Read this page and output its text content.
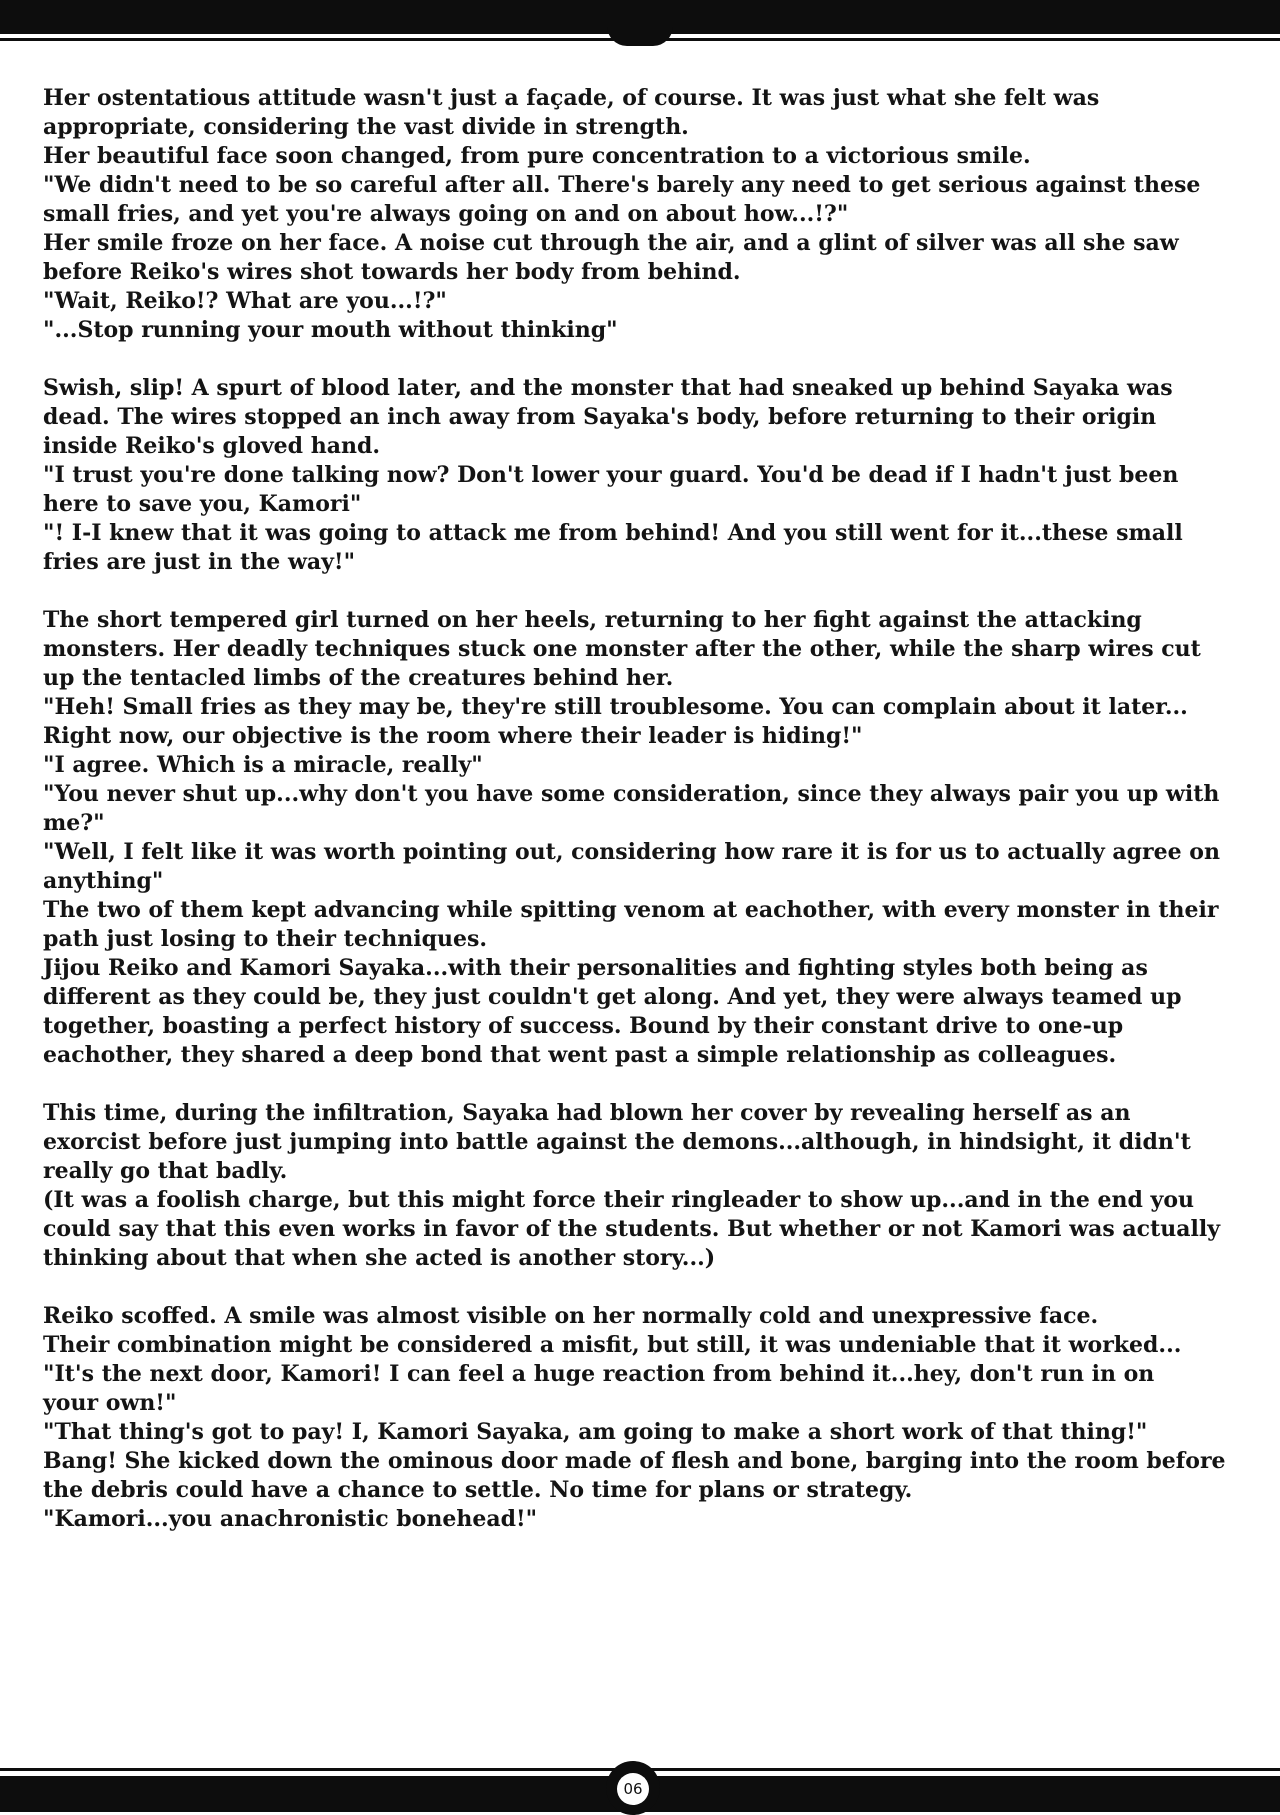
Her ostentatious attitude wasn't just a façade, of course. It was just what she felt was
appropriate, considering the vast divide in strength.

Her beautiful face soon changed, from pure concentration to a victorious smile.

"We didn't need to be so careful after all. There's barely any need to get serious against these
small fries, and yet you're always going on and on about how...!?"

Her smile froze on her face. A noise cut through the air, and a glint of silver was all she saw
before Reiko's wires shot towards her body from behind.

"Wait, Reiko!? What are you...!?"

"...Stop running your mouth without thinking"

Swish, slip! A spurt of blood later, and the monster that had sneaked up behind Sayaka was
dead. The wires stopped an inch away from Sayaka's body, before returning to their origin
inside Reiko's gloved hand.

"I trust you're done talking now? Don't lower your guard. You'd be dead if I hadn't just been
here to save you, Kamori"

"! I-I knew that it was going to attack me from behind! And you still went for it...these small
fries are just in the way!"

The short tempered girl turned on her heels, returning to her fight against the attacking
monsters. Her deadly techniques stuck one monster after the other, while the sharp wires cut
up the tentacled limbs of the creatures behind her.

"Heh! Small fries as they may be, they're still troublesome. You can complain about it later...
Right now, our objective is the room where their leader is hiding!"

"I agree. Which is a miracle, really"

"You never shut up...why don't you have some consideration, since they always pair you up with
me?"

"Well, I felt like it was worth pointing out, considering how rare it is for us to actually agree on
anything"

The two of them kept advancing while spitting venom at eachother, with every monster in their
path just losing to their techniques.

Jijou Reiko and Kamori Sayaka...with their personalities and fighting styles both being as
different as they could be, they just couldn't get along. And yet, they were always teamed up
together, boasting a perfect history of success. Bound by their constant drive to one-up
eachother, they shared a deep bond that went past a simple relationship as colleagues.

This time, during the infiltration, Sayaka had blown her cover by revealing herself as an
exorcist before just jumping into battle against the demons...although, in hindsight, it didn't
really go that badly.

(It was a foolish charge, but this might force their ringleader to show up...and in the end you
could say that this even works in favor of the students. But whether or not Kamori was actually
thinking about that when she acted is another story...)

Reiko scoffed. A smile was almost visible on her normally cold and unexpressive face.

Their combination might be considered a misfit, but still, it was undeniable that it worked...

"It's the next door, Kamori! I can feel a huge reaction from behind it...hey, don't run in on
your own!"

"That thing's got to pay! I, Kamori Sayaka, am going to make a short work of that thing!"

Bang! She kicked down the ominous door made of flesh and bone, barging into the room before
the debris could have a chance to settle. No time for plans or strategy.

"Kamori...you anachronistic bonehead!"

06
